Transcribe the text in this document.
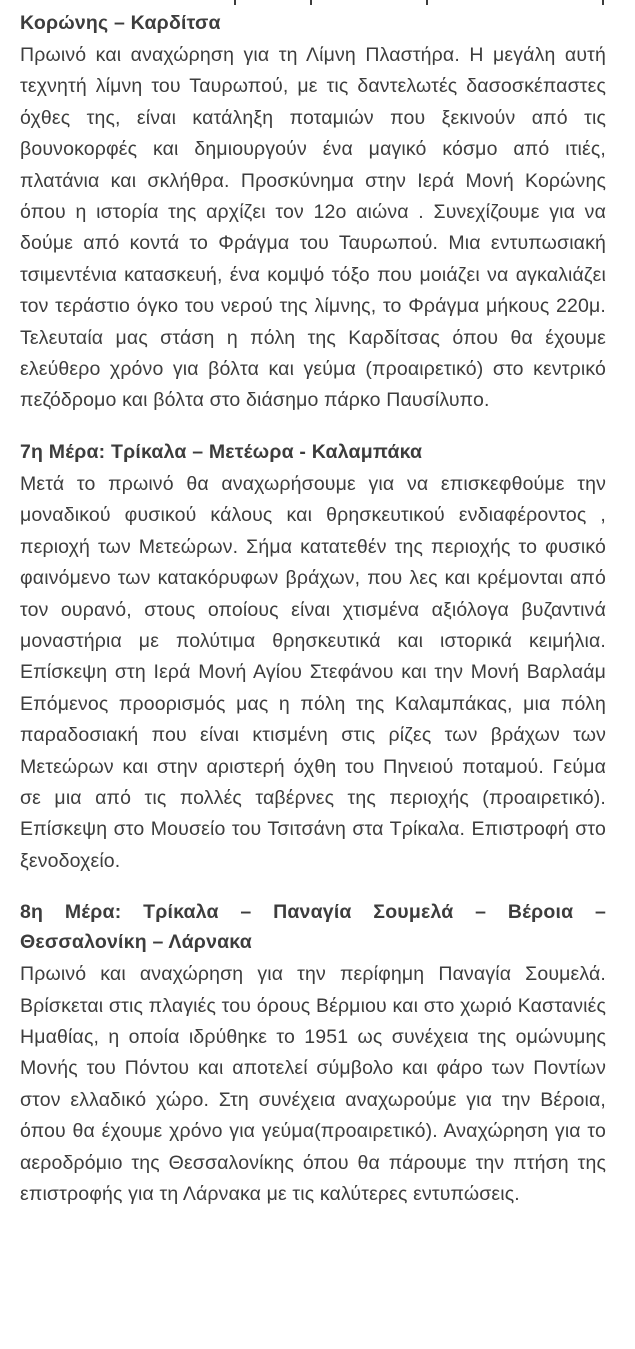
Κορώνης – Καρδίτσα

Πρωινό και αναχώρηση για τη Λίμνη Πλαστήρα. Η μεγάλη αυτή τεχνητή λίμνη του Ταυρωπού, με τις δαντελωτές δασοσκέπαστες όχθες της, είναι κατάληξη ποταμιών που ξεκινούν από τις βουνοκορφές και δημιουργούν ένα μαγικό κόσμο από ιτιές, πλατάνια και σκλήθρα. Προσκύνημα στην Ιερά Μονή Κορώνης όπου η ιστορία της αρχίζει τον 12ο αιώνα . Συνεχίζουμε για να δούμε από κοντά το Φράγμα του Ταυρωπού. Μια εντυπωσιακή τσιμεντένια κατασκευή, ένα κομψό τόξο που μοιάζει να αγκαλιάζει τον τεράστιο όγκο του νερού της λίμνης, το Φράγμα μήκους 220μ. Τελευταία μας στάση η πόλη της Καρδίτσας όπου θα έχουμε ελεύθερο χρόνο για βόλτα και γεύμα (προαιρετικό) στο κεντρικό πεζόδρομο και βόλτα στο διάσημο πάρκο Παυσίλυπο.

7η Μέρα: Τρίκαλα – Μετέωρα - Καλαμπάκα

Μετά το πρωινό θα αναχωρήσουμε για να επισκεφθούμε την μοναδικού φυσικού κάλους και θρησκευτικού ενδιαφέροντος , περιοχή των Μετεώρων. Σήμα κατατεθέν της περιοχής το φυσικό φαινόμενο των κατακόρυφων βράχων, που λες και κρέμονται από τον ουρανό, στους οποίους είναι χτισμένα αξιόλογα βυζαντινά μοναστήρια με πολύτιμα θρησκευτικά και ιστορικά κειμήλια. Επίσκεψη στη Ιερά Μονή Αγίου Στεφάνου και την Μονή Βαρλαάμ Επόμενος προορισμός μας η πόλη της Καλαμπάκας, μια πόλη παραδοσιακή που είναι κτισμένη στις ρίζες των βράχων των Μετεώρων και στην αριστερή όχθη του Πηνειού ποταμού. Γεύμα σε μια από τις πολλές ταβέρνες της περιοχής (προαιρετικό). Επίσκεψη στο Μουσείο του Τσιτσάνη στα Τρίκαλα. Επιστροφή στο ξενοδοχείο.

8η Μέρα: Τρίκαλα – Παναγία Σουμελά – Βέροια – Θεσσαλονίκη – Λάρνακα

Πρωινό και αναχώρηση για την περίφημη Παναγία Σουμελά. Βρίσκεται στις πλαγιές του όρους Βέρμιου και στο χωριό Καστανιές Ημαθίας, η οποία ιδρύθηκε το 1951 ως συνέχεια της ομώνυμης Μονής του Πόντου και αποτελεί σύμβολο και φάρο των Ποντίων στον ελλαδικό χώρο. Στη συνέχεια αναχωρούμε για την Βέροια, όπου θα έχουμε χρόνο για γεύμα(προαιρετικό). Αναχώρηση για το αεροδρόμιο της Θεσσαλονίκης όπου θα πάρουμε την πτήση της επιστροφής για τη Λάρνακα με τις καλύτερες εντυπώσεις.
